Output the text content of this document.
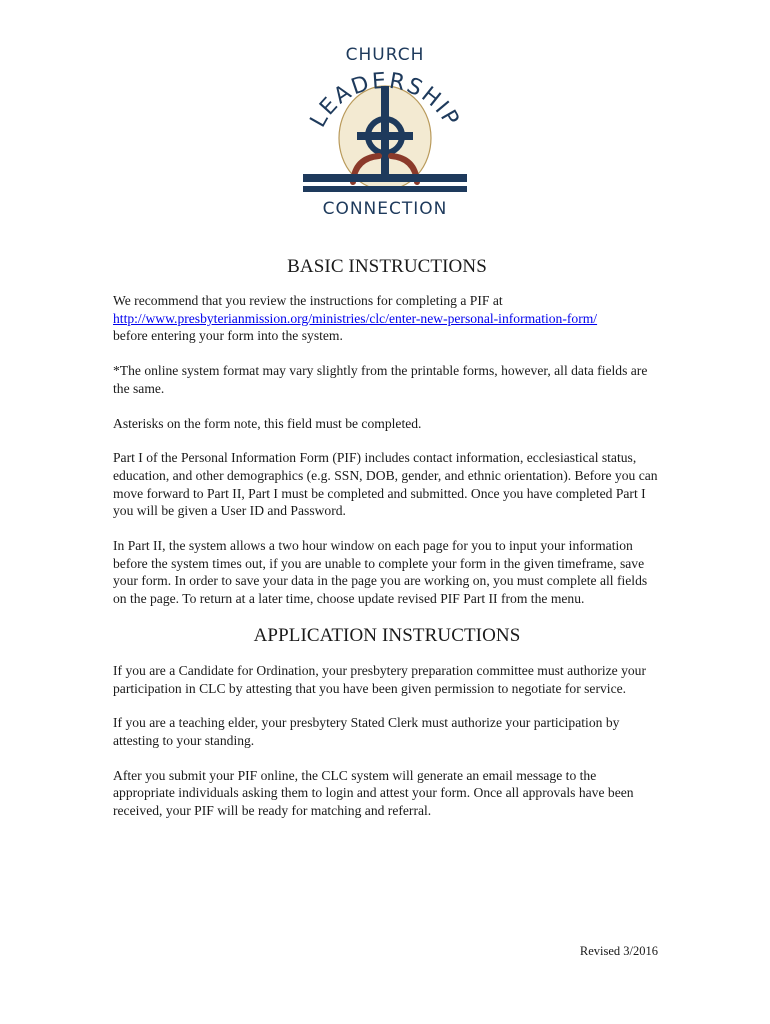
CHURCH
LEADERSHIP
CONNECTION
BASIC INSTRUCTIONS

We recommend that you review the instructions for completing a PIF at
http://www.presbyterianmission.org/ministries/clc/enter-new-personal-information-form/
before entering your form into the system.

*The online system format may vary slightly from the printable forms, however, all data fields are the same.

Asterisks on the form note, this field must be completed.

Part I of the Personal Information Form (PIF) includes contact information, ecclesiastical status, education, and other demographics (e.g. SSN, DOB, gender, and ethnic orientation). Before you can move forward to Part II, Part I must be completed and submitted. Once you have completed Part I you will be given a User ID and Password.

In Part II, the system allows a two hour window on each page for you to input your information before the system times out, if you are unable to complete your form in the given timeframe, save your form. In order to save your data in the page you are working on, you must complete all fields on the page. To return at a later time, choose update revised PIF Part II from the menu.

APPLICATION INSTRUCTIONS

If you are a Candidate for Ordination, your presbytery preparation committee must authorize your participation in CLC by attesting that you have been given permission to negotiate for service.

If you are a teaching elder, your presbytery Stated Clerk must authorize your participation by attesting to your standing.

After you submit your PIF online, the CLC system will generate an email message to the appropriate individuals asking them to login and attest your form. Once all approvals have been received, your PIF will be ready for matching and referral.

Revised 3/2016
